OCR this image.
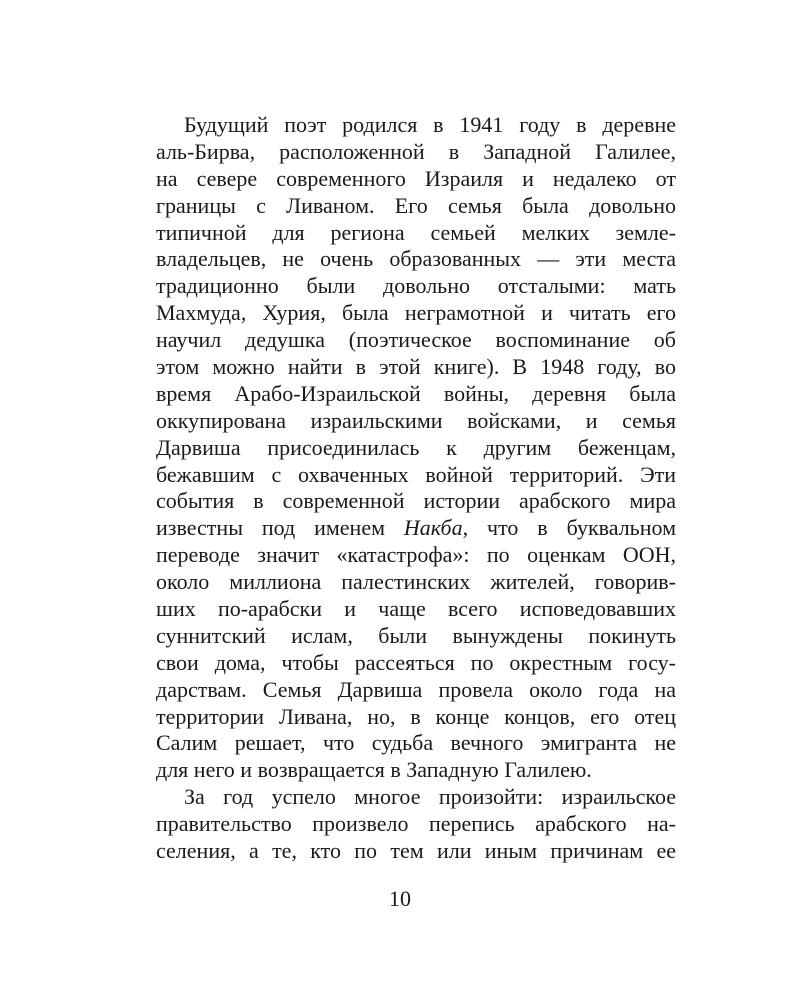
Будущий поэт родился в 1941 году в деревне
аль-Бирва, расположенной в Западной Галилее,
на севере современного Израиля и недалеко от
границы с Ливаном. Его семья была довольно
типичной для региона семьей мелких земле-
владельцев, не очень образованных — эти места
традиционно были довольно отсталыми: мать
Махмуда, Хурия, была неграмотной и читать его
научил дедушка (поэтическое воспоминание об
этом можно найти в этой книге). В 1948 году, во
время Арабо-Израильской войны, деревня была
оккупирована израильскими войсками, и семья
Дарвиша присоединилась к другим беженцам,
бежавшим с охваченных войной территорий. Эти
события в современной истории арабского мира
известны под именем Накба, что в буквальном
переводе значит «катастрофа»: по оценкам ООН,
около миллиона палестинских жителей, говорив-
ших по-арабски и чаще всего исповедовавших
суннитский ислам, были вынуждены покинуть
свои дома, чтобы рассеяться по окрестным госу-
дарствам. Семья Дарвиша провела около года на
территории Ливана, но, в конце концов, его отец
Салим решает, что судьба вечного эмигранта не
для него и возвращается в Западную Галилею.
За год успело многое произойти: израильское
правительство произвело перепись арабского на-
селения, а те, кто по тем или иным причинам ее
10
